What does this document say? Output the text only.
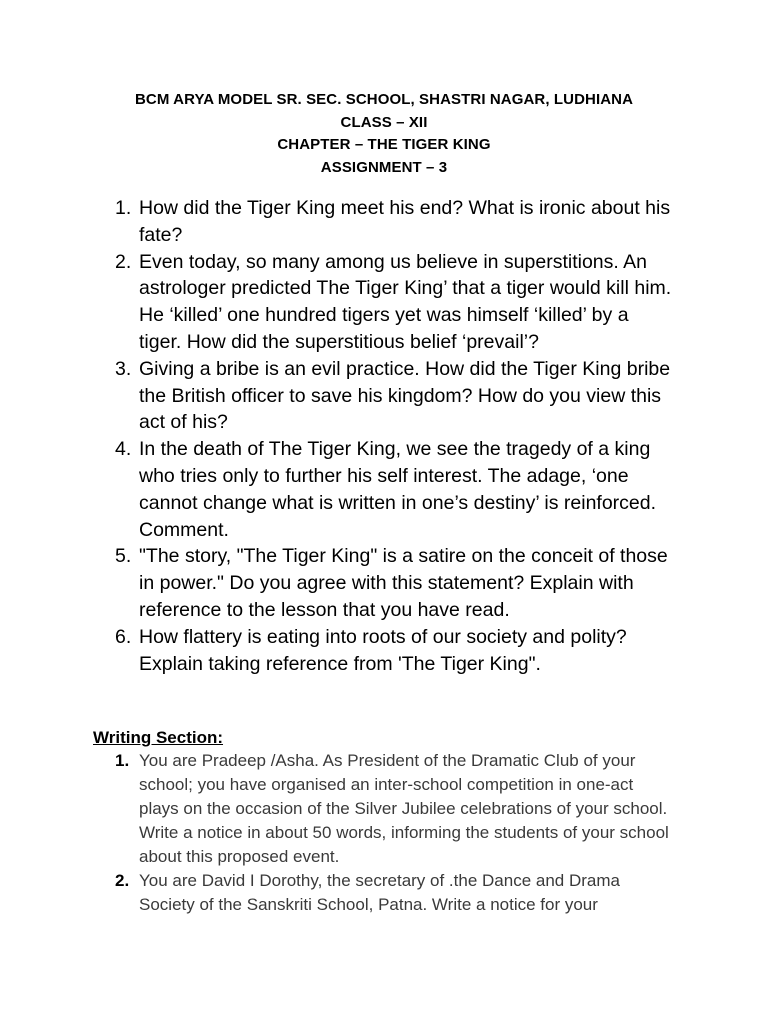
BCM ARYA MODEL SR. SEC. SCHOOL, SHASTRI NAGAR, LUDHIANA
CLASS – XII
CHAPTER – THE TIGER KING
ASSIGNMENT – 3
1. How did the Tiger King meet his end? What is ironic about his fate?
2. Even today, so many among us believe in superstitions. An astrologer predicted The Tiger King’ that a tiger would kill him. He ‘killed’ one hundred tigers yet was himself ‘killed’ by a tiger. How did the superstitious belief ‘prevail’?
3. Giving a bribe is an evil practice. How did the Tiger King bribe the British officer to save his kingdom? How do you view this act of his?
4. In the death of The Tiger King, we see the tragedy of a king who tries only to further his self interest. The adage, ‘one cannot change what is written in one’s destiny’ is reinforced. Comment.
5. "The story, "The Tiger King" is a satire on the conceit of those in power." Do you agree with this statement? Explain with reference to the lesson that you have read.
6. How flattery is eating into roots of our society and polity? Explain taking reference from 'The Tiger King".
Writing Section:
1. You are Pradeep /Asha. As President of the Dramatic Club of your school; you have organised an inter-school competition in one-act plays on the occasion of the Silver Jubilee celebrations of your school. Write a notice in about 50 words, informing the students of your school about this proposed event.
2. You are David I Dorothy, the secretary of .the Dance and Drama Society of the Sanskriti School, Patna. Write a notice for your
